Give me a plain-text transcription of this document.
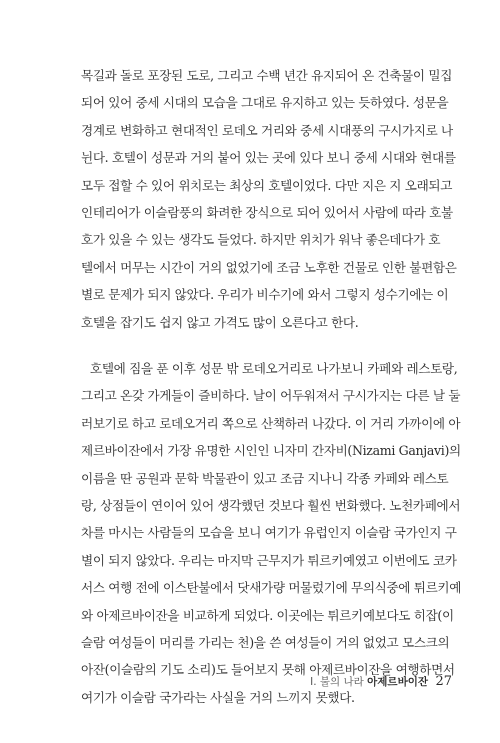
목길과 돌로 포장된 도로, 그리고 수백 년간 유지되어 온 건축물이 밀집
되어 있어 중세 시대의 모습을 그대로 유지하고 있는 듯하였다. 성문을
경계로 변화하고 현대적인 로데오 거리와 중세 시대풍의 구시가지로 나
뉜다. 호텔이 성문과 거의 붙어 있는 곳에 있다 보니 중세 시대와 현대를
모두 접할 수 있어 위치로는 최상의 호텔이었다. 다만 지은 지 오래되고
인테리어가 이슬람풍의 화려한 장식으로 되어 있어서 사람에 따라 호불
호가 있을 수 있는 생각도 들었다. 하지만 위치가 워낙 좋은데다가 호
텔에서 머무는 시간이 거의 없었기에 조금 노후한 건물로 인한 불편함은
별로 문제가 되지 않았다. 우리가 비수기에 와서 그렇지 성수기에는 이
호텔을 잡기도 쉽지 않고 가격도 많이 오른다고 한다.
호텔에 짐을 푼 이후 성문 밖 로데오거리로 나가보니 카페와 레스토랑,
그리고 온갖 가게들이 즐비하다. 날이 어두워져서 구시가지는 다른 날 둘
러보기로 하고 로데오거리 쪽으로 산책하러 나갔다. 이 거리 가까이에 아
제르바이잔에서 가장 유명한 시인인 니자미 간자비(Nizami Ganjavi)의
이름을 딴 공원과 문학 박물관이 있고 조금 지나니 각종 카페와 레스토
랑, 상점들이 연이어 있어 생각했던 것보다 훨씬 번화했다. 노천카페에서
차를 마시는 사람들의 모습을 보니 여기가 유럽인지 이슬람 국가인지 구
별이 되지 않았다. 우리는 마지막 근무지가 튀르키예였고 이번에도 코카
서스 여행 전에 이스탄불에서 닷새가량 머물렀기에 무의식중에 튀르키예
와 아제르바이잔을 비교하게 되었다. 이곳에는 튀르키예보다도 히잡(이
슬람 여성들이 머리를 가리는 천)을 쓴 여성들이 거의 없었고 모스크의
아잔(이슬람의 기도 소리)도 들어보지 못해 아제르바이잔을 여행하면서
여기가 이슬람 국가라는 사실을 거의 느끼지 못했다.
I. 불의 나라 아제르바이잔 27
